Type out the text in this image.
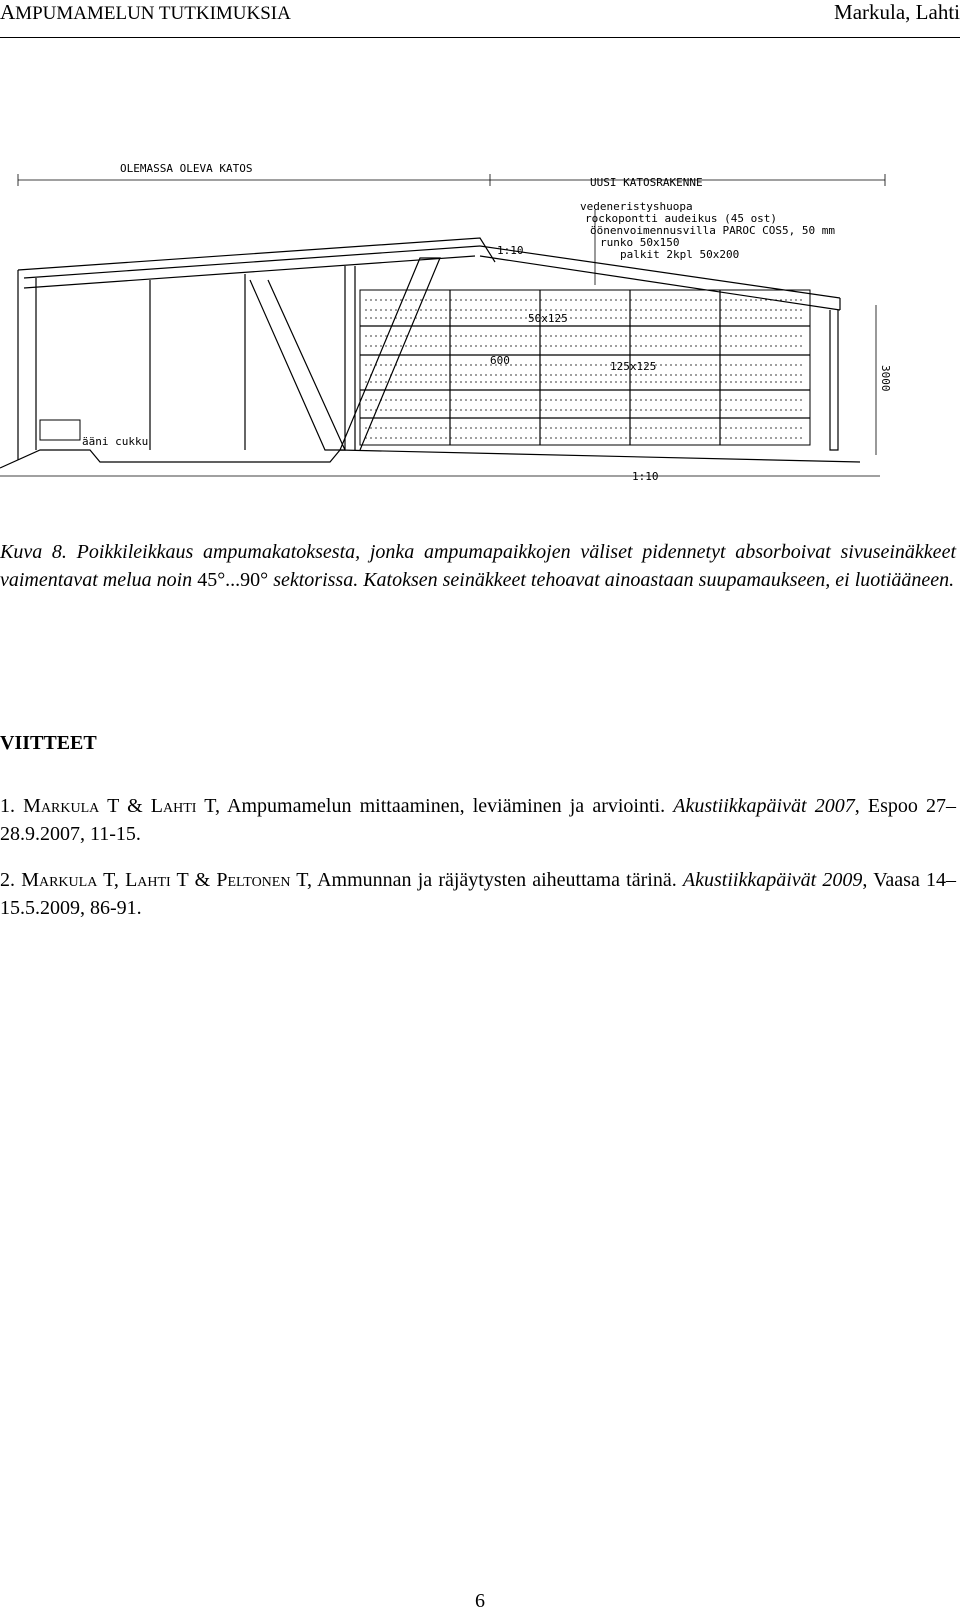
AMPUMAMELUN TUTKIMUKSIA	Markula, Lahti
OLEMASSA OLEVA KATOS
UUSI KATOSRAKENNE
vedeneristyshuopa
rockopontti audeikus (45 ost)
öönenvoimennusvilla PAROC COS5, 50 mm
runko 50x150
palkit 2kpl 50x200
1:10
50x125
600	125x125	3000
1:10
ääni cukku
Kuva 8. Poikkileikkaus ampumakatoksesta, jonka ampumapaikkojen väliset pidennetyt absorboivat sivuseinäkkeet vaimentavat melua noin 45°...90° sektorissa. Katoksen seinäkkeet tehoavat ainoastaan suupamaukseen, ei luotiääneen.
VIITTEET
1. Markula T & Lahti T, Ampumamelun mittaaminen, leviäminen ja arviointi. Akustiikkapäivät 2007, Espoo 27–28.9.2007, 11-15.
2. Markula T, Lahti T & Peltonen T, Ammunnan ja räjäytysten aiheuttama tärinä. Akustiikkapäivät 2009, Vaasa 14–15.5.2009, 86-91.
6
